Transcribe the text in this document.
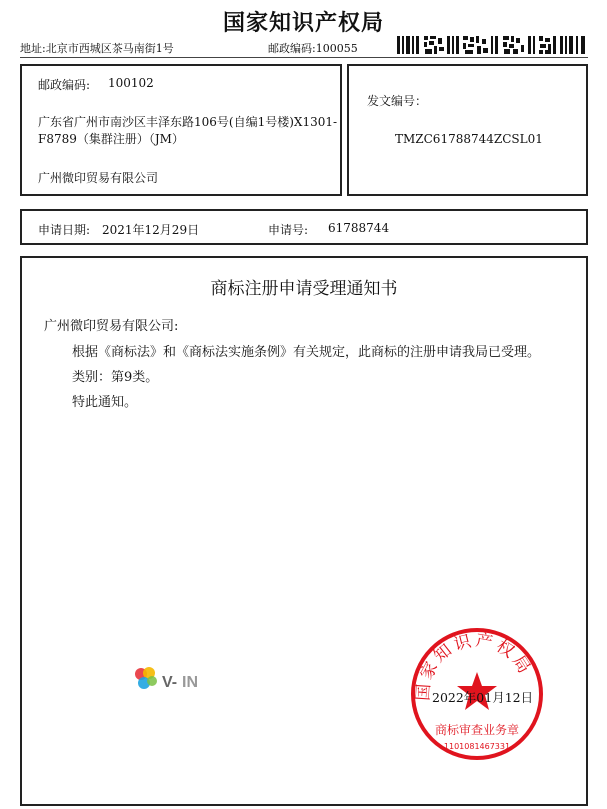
国家知识产权局
地址:北京市西城区茶马南街1号	邮政编码:100055
邮政编码: 100102
广东省广州市南沙区丰泽东路106号(自编1号楼)X1301-F8789（集群注册）（JM）
广州微印贸易有限公司
发文编号：
TMZC61788744ZCSL01
申请日期: 2021年12月29日	申请号: 61788744
商标注册申请受理通知书
广州微印贸易有限公司:
根据《商标法》和《商标法实施条例》有关规定，此商标的注册申请我局已受理。
类别：第9类。
特此通知。
V- IN	国家知识产权局
商标审查业务章
1101081467331
2022年01月12日
